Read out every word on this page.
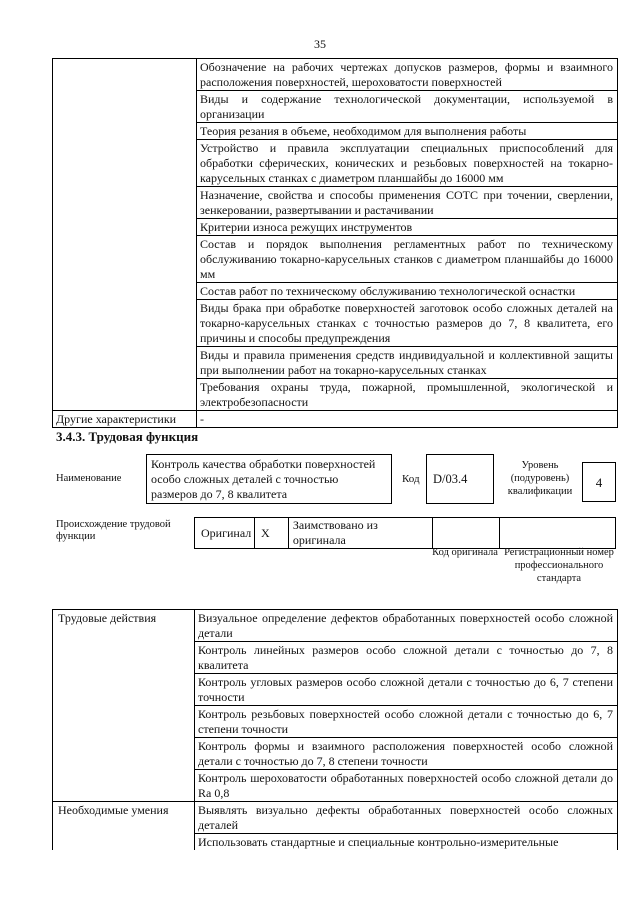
35
	Обозначение на рабочих чертежах допусков размеров, формы и взаимного расположения поверхностей, шероховатости поверхностей
	Виды и содержание технологической документации, используемой в организации
	Теория резания в объеме, необходимом для выполнения работы
	Устройство и правила эксплуатации специальных приспособлений для обработки сферических, конических и резьбовых поверхностей на токарно-карусельных станках с диаметром планшайбы до 16000 мм
	Назначение, свойства и способы применения СОТС при точении, сверлении, зенкеровании, развертывании и растачивании
	Критерии износа режущих инструментов
	Состав и порядок выполнения регламентных работ по техническому обслуживанию токарно-карусельных станков с диаметром планшайбы до 16000 мм
	Состав работ по техническому обслуживанию технологической оснастки
	Виды брака при обработке поверхностей заготовок особо сложных деталей на токарно-карусельных станках с точностью размеров до 7, 8 квалитета, его причины и способы предупреждения
	Виды и правила применения средств индивидуальной и коллективной защиты при выполнении работ на токарно-карусельных станках
	Требования охраны труда, пожарной, промышленной, экологической и электробезопасности
Другие характеристики	-
3.4.3. Трудовая функция
Наименование
Контроль качества обработки поверхностей особо сложных деталей с точностью размеров до 7, 8 квалитета
Код	D/03.4
Уровень (подуровень) квалификации
4
Происхождение трудовой функции	Оригинал	X	Заимствовано из оригинала		
Код оригинала Регистрационный номер профессионального стандарта
Трудовые действия	Визуальное определение дефектов обработанных поверхностей особо сложной детали
	Контроль линейных размеров особо сложной детали с точностью до 7, 8 квалитета
	Контроль угловых размеров особо сложной детали с точностью до 6, 7 степени точности
	Контроль резьбовых поверхностей особо сложной детали с точностью до 6, 7 степени точности
	Контроль формы и взаимного расположения поверхностей особо сложной детали с точностью до 7, 8 степени точности
	Контроль шероховатости обработанных поверхностей особо сложной детали до Ra 0,8
Необходимые умения	Выявлять визуально дефекты обработанных поверхностей особо сложных деталей
	Использовать стандартные и специальные контрольно-измерительные
